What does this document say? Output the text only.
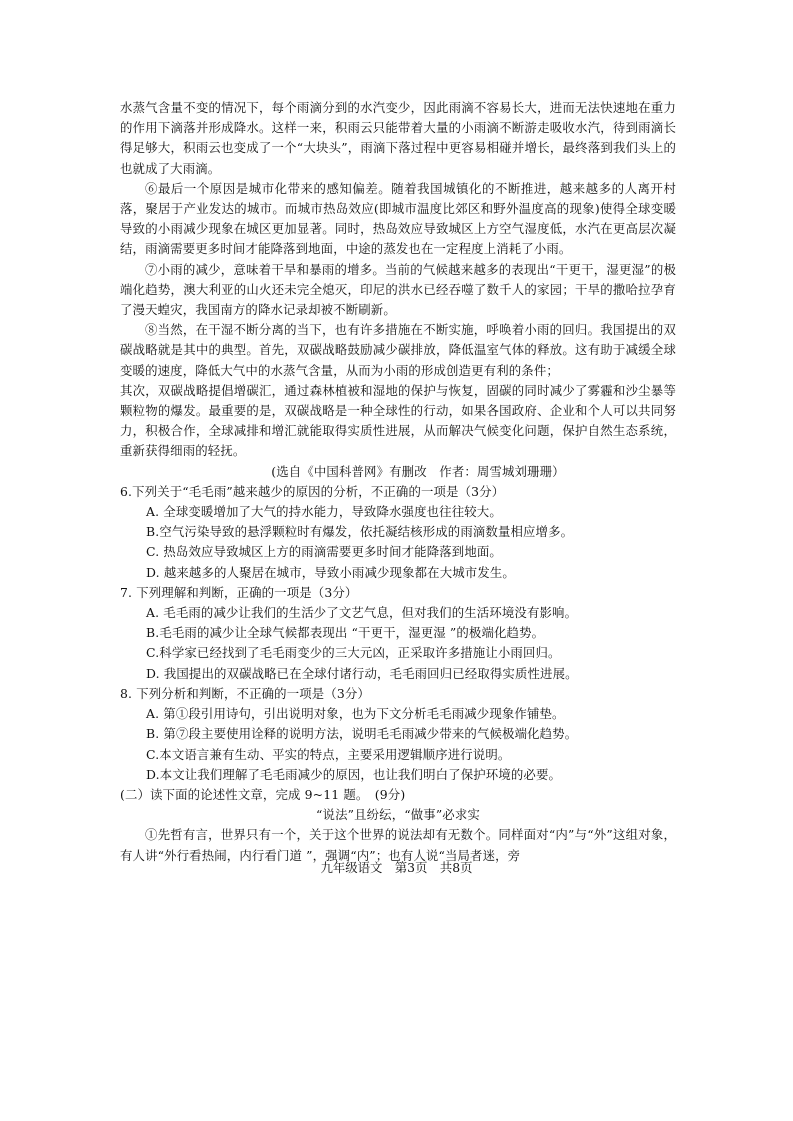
水蒸气含量不变的情况下，每个雨滴分到的水汽变少，因此雨滴不容易长大，进而无法快速地在重力的作用下滴落并形成降水。这样一来，积雨云只能带着大量的小雨滴不断游走吸收水汽，待到雨滴长得足够大，积雨云也变成了一个“大块头”，雨滴下落过程中更容易相碰并增长，最终落到我们头上的也就成了大雨滴。

⑥最后一个原因是城市化带来的感知偏差。随着我国城镇化的不断推进，越来越多的人离开村落，聚居于产业发达的城市。而城市热岛效应(即城市温度比郊区和野外温度高的现象)使得全球变暖导致的小雨减少现象在城区更加显著。同时，热岛效应导致城区上方空气湿度低，水汽在更高层次凝结，雨滴需要更多时间才能降落到地面，中途的蒸发也在一定程度上消耗了小雨。

⑦小雨的减少，意味着干旱和暴雨的增多。当前的气候越来越多的表现出“干更干，湿更湿”的极端化趋势，澳大利亚的山火还未完全熄灭，印尼的洪水已经吞噬了数千人的家园；干旱的撒哈拉孕育了漫天蝗灾，我国南方的降水记录却被不断刷新。

⑧当然，在干湿不断分离的当下，也有许多措施在不断实施，呼唤着小雨的回归。我国提出的双碳战略就是其中的典型。首先，双碳战略鼓励减少碳排放，降低温室气体的释放。这有助于减缓全球变暖的速度，降低大气中的水蒸气含量，从而为小雨的形成创造更有利的条件；

其次，双碳战略提倡增碳汇，通过森林植被和湿地的保护与恢复，固碳的同时减少了雾霾和沙尘暴等颗粒物的爆发。最重要的是，双碳战略是一种全球性的行动，如果各国政府、企业和个人可以共同努力，积极合作，全球减排和增汇就能取得实质性进展，从而解决气候变化问题，保护自然生态系统，重新获得细雨的轻抚。

(选自《中国科普网》有删改　作者：周雪城刘珊珊）

6.下列关于“毛毛雨”越来越少的原因的分析，不正确的一项是（3分）

A. 全球变暖增加了大气的持水能力，导致降水强度也往往较大。

B.空气污染导致的悬浮颗粒时有爆发，依托凝结核形成的雨滴数量相应增多。

C. 热岛效应导致城区上方的雨滴需要更多时间才能降落到地面。

D. 越来越多的人聚居在城市，导致小雨减少现象都在大城市发生。

7. 下列理解和判断，正确的一项是（3分）

A. 毛毛雨的减少让我们的生活少了文艺气息，但对我们的生活环境没有影响。

B.毛毛雨的减少让全球气候都表现出 “干更干，湿更湿 ”的极端化趋势。

C.科学家已经找到了毛毛雨变少的三大元凶，正采取许多措施让小雨回归。

D. 我国提出的双碳战略已在全球付诸行动，毛毛雨回归已经取得实质性进展。

8. 下列分析和判断，不正确的一项是（3分）

A. 第①段引用诗句，引出说明对象，也为下文分析毛毛雨减少现象作铺垫。

B. 第⑦段主要使用诠释的说明方法，说明毛毛雨减少带来的气候极端化趋势。

C.本文语言兼有生动、平实的特点，主要采用逻辑顺序进行说明。

D.本文让我们理解了毛毛雨减少的原因，也让我们明白了保护环境的必要。

(二）读下面的论述性文章，完成 9~11 题。　(9分)

“说法”且纷纭，“做事”必求实

①先哲有言，世界只有一个，关于这个世界的说法却有无数个。同样面对“内”与“外”这组对象，有人讲“外行看热闹，内行看门道 ”，强调“内”；也有人说“当局者迷，旁

九年级语文　第3页　共8页
